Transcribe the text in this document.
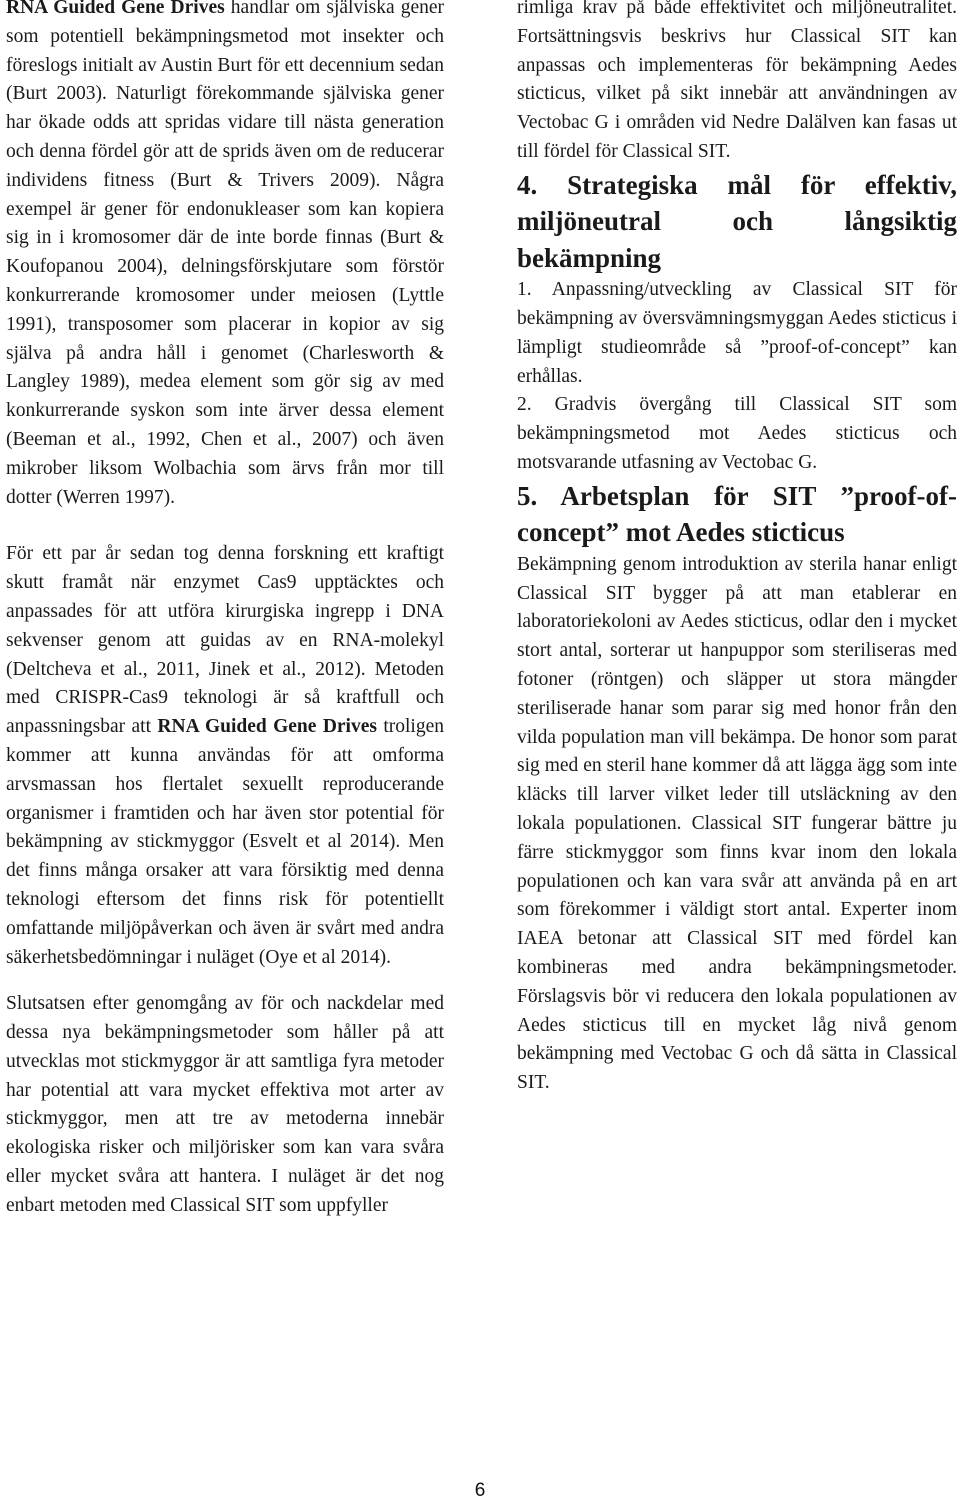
RNA Guided Gene Drives handlar om själviska gener som potentiell bekämpningsmetod mot insekter och föreslogs initialt av Austin Burt för ett decennium sedan (Burt 2003). Naturligt förekommande själviska gener har ökade odds att spridas vidare till nästa generation och denna fördel gör att de sprids även om de reducerar individens fitness (Burt & Trivers 2009). Några exempel är gener för endonukleaser som kan kopiera sig in i kromosomer där de inte borde finnas (Burt & Koufopanou 2004), delningsförskjutare som förstör konkurrerande kromosomer under meiosen (Lyttle 1991), transposomer som placerar in kopior av sig själva på andra håll i genomet (Charlesworth & Langley 1989), medea element som gör sig av med konkurrerande syskon som inte ärver dessa element (Beeman et al., 1992, Chen et al., 2007) och även mikrober liksom Wolbachia som ärvs från mor till dotter (Werren 1997).

För ett par år sedan tog denna forskning ett kraftigt skutt framåt när enzymet Cas9 upptäcktes och anpassades för att utföra kirurgiska ingrepp i DNA sekvenser genom att guidas av en RNA-molekyl (Deltcheva et al., 2011, Jinek et al., 2012). Metoden med CRISPR-Cas9 teknologi är så kraftfull och anpassningsbar att RNA Guided Gene Drives troligen kommer att kunna användas för att omforma arvsmassan hos flertalet sexuellt reproducerande organismer i framtiden och har även stor potential för bekämpning av stickmyggor (Esvelt et al 2014). Men det finns många orsaker att vara försiktig med denna teknologi eftersom det finns risk för potentiellt omfattande miljöpåverkan och även är svårt med andra säkerhetsbedömningar i nuläget (Oye et al 2014).

Slutsatsen efter genomgång av för och nackdelar med dessa nya bekämpningsmetoder som håller på att utvecklas mot stickmyggor är att samtliga fyra metoder har potential att vara mycket effektiva mot arter av stickmyggor, men att tre av metoderna innebär ekologiska risker och miljörisker som kan vara svåra eller mycket svåra att hantera. I nuläget är det nog enbart metoden med Classical SIT som uppfyller

rimliga krav på både effektivitet och miljöneutralitet. Fortsättningsvis beskrivs hur Classical SIT kan anpassas och implementeras för bekämpning Aedes sticticus, vilket på sikt innebär att användningen av Vectobac G i områden vid Nedre Dalälven kan fasas ut till fördel för Classical SIT.

4. Strategiska mål för effektiv, miljöneutral och långsiktig bekämpning

1. Anpassning/utveckling av Classical SIT för bekämpning av översvämningsmyggan Aedes sticticus i lämpligt studieområde så ”proof-of-concept” kan erhållas.

2. Gradvis övergång till Classical SIT som bekämpningsmetod mot Aedes sticticus och motsvarande utfasning av Vectobac G.

5. Arbetsplan för SIT ”proof-of-concept” mot Aedes sticticus

Bekämpning genom introduktion av sterila hanar enligt Classical SIT bygger på att man etablerar en laboratoriekoloni av Aedes sticticus, odlar den i mycket stort antal, sorterar ut hanpuppor som steriliseras med fotoner (röntgen) och släpper ut stora mängder steriliserade hanar som parar sig med honor från den vilda population man vill bekämpa. De honor som parat sig med en steril hane kommer då att lägga ägg som inte kläcks till larver vilket leder till utsläckning av den lokala populationen. Classical SIT fungerar bättre ju färre stickmyggor som finns kvar inom den lokala populationen och kan vara svår att använda på en art som förekommer i väldigt stort antal. Experter inom IAEA betonar att Classical SIT med fördel kan kombineras med andra bekämpningsmetoder. Förslagsvis bör vi reducera den lokala populationen av Aedes sticticus till en mycket låg nivå genom bekämpning med Vectobac G och då sätta in Classical SIT.

6
